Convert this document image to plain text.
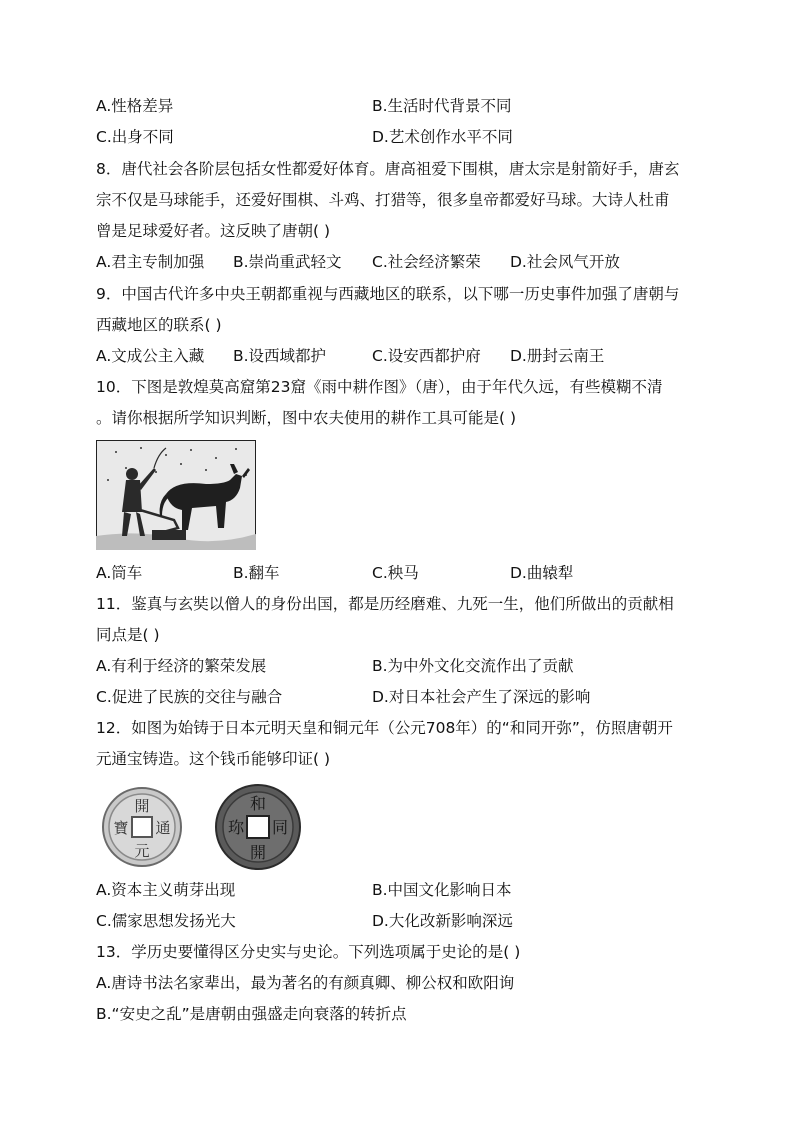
A.性格差异	B.生活时代背景不同
C.出身不同	D.艺术创作水平不同
8．唐代社会各阶层包括女性都爱好体育。唐高祖爱下围棋，唐太宗是射箭好手，唐玄
宗不仅是马球能手，还爱好围棋、斗鸡、打猎等，很多皇帝都爱好马球。大诗人杜甫
曾是足球爱好者。这反映了唐朝( )
A.君主专制加强 B.崇尚重武轻文 C.社会经济繁荣 D.社会风气开放
9．中国古代许多中央王朝都重视与西藏地区的联系，以下哪一历史事件加强了唐朝与
西藏地区的联系( )
A.文成公主入藏 B.设西域都护	C.设安西都护府 D.册封云南王
10．下图是敦煌莫高窟第23窟《雨中耕作图》（唐），由于年代久远，有些模糊不清
。请你根据所学知识判断，图中农夫使用的耕作工具可能是( )
A.筒车	B.翻车	C.秧马	D.曲辕犁
11．鉴真与玄奘以僧人的身份出国，都是历经磨难、九死一生，他们所做出的贡献相
同点是( )
A.有利于经济的繁荣发展	B.为中外文化交流作出了贡献
C.促进了民族的交往与融合	D.对日本社会产生了深远的影响
12．如图为始铸于日本元明天皇和铜元年（公元708年）的“和同开弥”，仿照唐朝开
元通宝铸造。这个钱币能够印证( )
開
通
元
寶
和
同
開
珎
A.资本主义萌芽出现	B.中国文化影响日本
C.儒家思想发扬光大	D.大化改新影响深远
13．学历史要懂得区分史实与史论。下列选项属于史论的是( )
A.唐诗书法名家辈出，最为著名的有颜真卿、柳公权和欧阳询
B.“安史之乱”是唐朝由强盛走向衰落的转折点
